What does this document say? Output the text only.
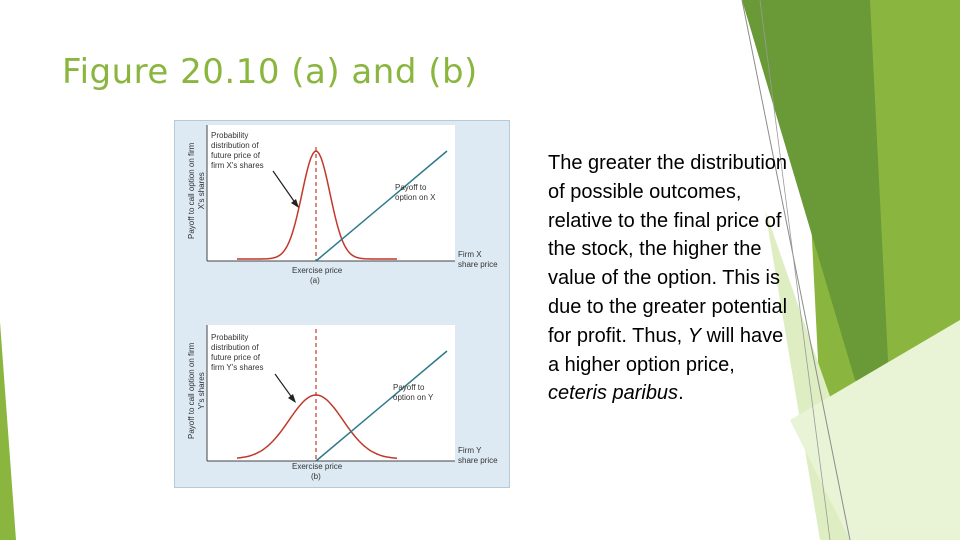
Figure 20.10 (a) and (b)
Payoff to call option on firm
X's shares
Probability
distribution of
future price of
firm X's shares
Payoff to
option on X
Firm X
share price
Exercise price
(a)
Payoff to call option on firm
Y's shares
Probability
distribution of
future price of
firm Y's shares
Payoff to
option on Y
Firm Y
share price
Exercise price
(b)

The greater the distribution of possible outcomes, relative to the final price of the stock, the higher the value of the option. This is due to the greater potential for profit. Thus, Y will have a higher option price, ceteris paribus.
